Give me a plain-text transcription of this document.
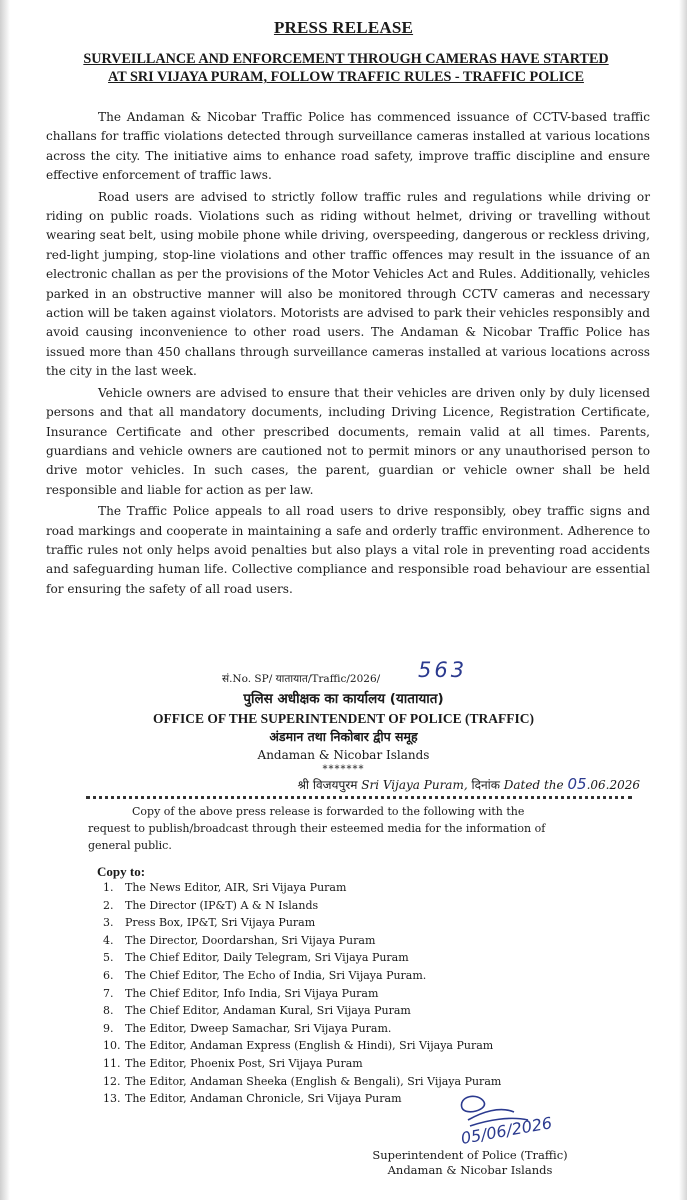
PRESS RELEASE
SURVEILLANCE AND ENFORCEMENT THROUGH CAMERAS HAVE STARTED
AT SRI VIJAYA PURAM, FOLLOW TRAFFIC RULES - TRAFFIC POLICE

The Andaman & Nicobar Traffic Police has commenced issuance of CCTV-based traffic challans for traffic violations detected through surveillance cameras installed at various locations across the city. The initiative aims to enhance road safety, improve traffic discipline and ensure effective enforcement of traffic laws.

Road users are advised to strictly follow traffic rules and regulations while driving or riding on public roads. Violations such as riding without helmet, driving or travelling without wearing seat belt, using mobile phone while driving, overspeeding, dangerous or reckless driving, red-light jumping, stop-line violations and other traffic offences may result in the issuance of an electronic challan as per the provisions of the Motor Vehicles Act and Rules. Additionally, vehicles parked in an obstructive manner will also be monitored through CCTV cameras and necessary action will be taken against violators. Motorists are advised to park their vehicles responsibly and avoid causing inconvenience to other road users. The Andaman & Nicobar Traffic Police has issued more than 450 challans through surveillance cameras installed at various locations across the city in the last week.

Vehicle owners are advised to ensure that their vehicles are driven only by duly licensed persons and that all mandatory documents, including Driving Licence, Registration Certificate, Insurance Certificate and other prescribed documents, remain valid at all times. Parents, guardians and vehicle owners are cautioned not to permit minors or any unauthorised person to drive motor vehicles. In such cases, the parent, guardian or vehicle owner shall be held responsible and liable for action as per law.

The Traffic Police appeals to all road users to drive responsibly, obey traffic signs and road markings and cooperate in maintaining a safe and orderly traffic environment. Adherence to traffic rules not only helps avoid penalties but also plays a vital role in preventing road accidents and safeguarding human life. Collective compliance and responsible road behaviour are essential for ensuring the safety of all road users.

सं.No. SP/ यातायात/Traffic/2026/ 563
पुलिस अधीक्षक का कार्यालय (यातायात)
OFFICE OF THE SUPERINTENDENT OF POLICE (TRAFFIC)
अंडमान तथा निकोबार द्वीप समूह
Andaman & Nicobar Islands
*******
श्री विजयपुरम Sri Vijaya Puram, दिनांक Dated the 05.06.2026
Copy of the above press release is forwarded to the following with the
request to publish/broadcast through their esteemed media for the information of
general public.
Copy to:
1. The News Editor, AIR, Sri Vijaya Puram
2. The Director (IP&T) A & N Islands
3. Press Box, IP&T, Sri Vijaya Puram
4. The Director, Doordarshan, Sri Vijaya Puram
5. The Chief Editor, Daily Telegram, Sri Vijaya Puram
6. The Chief Editor, The Echo of India, Sri Vijaya Puram.
7. The Chief Editor, Info India, Sri Vijaya Puram
8. The Chief Editor, Andaman Kural, Sri Vijaya Puram
9. The Editor, Dweep Samachar, Sri Vijaya Puram.
10. The Editor, Andaman Express (English & Hindi), Sri Vijaya Puram
11. The Editor, Phoenix Post, Sri Vijaya Puram
12. The Editor, Andaman Sheeka (English & Bengali), Sri Vijaya Puram
13. The Editor, Andaman Chronicle, Sri Vijaya Puram
05/06/2026
Superintendent of Police (Traffic)
Andaman & Nicobar Islands
